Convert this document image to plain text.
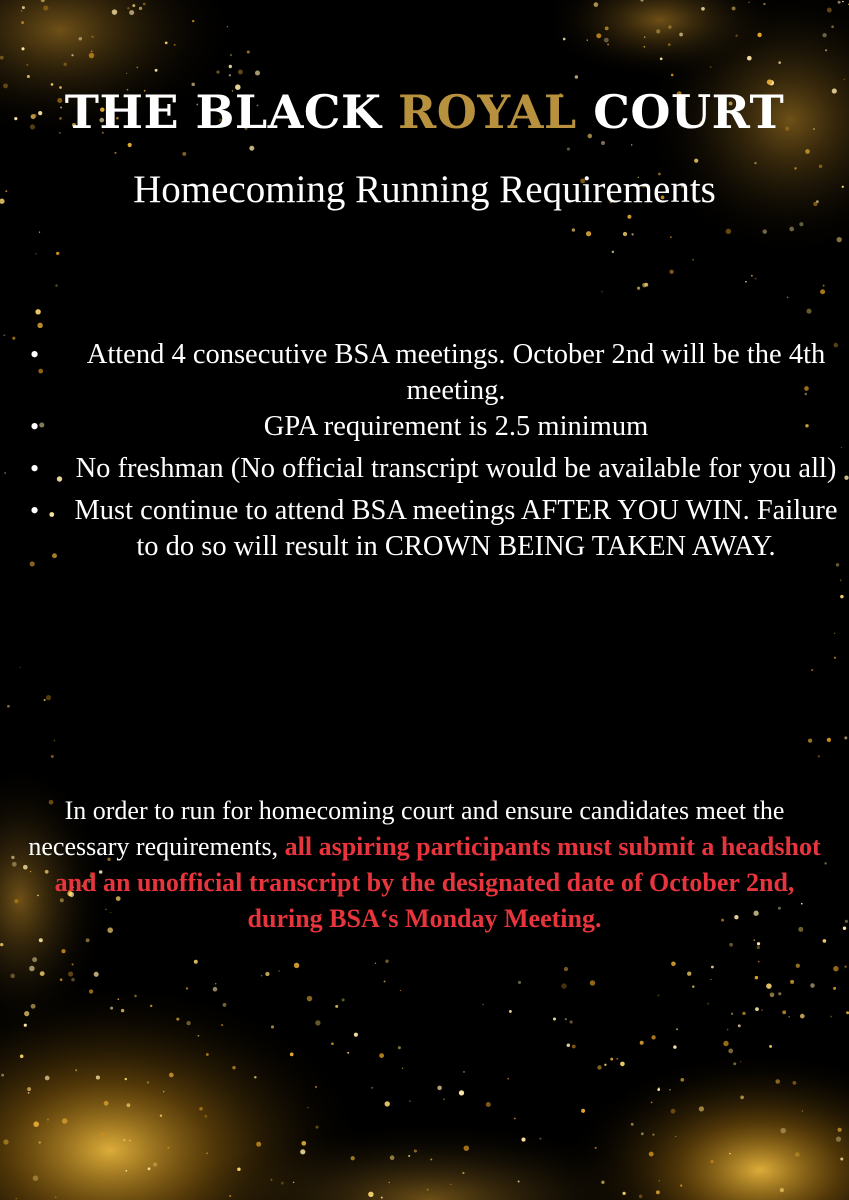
THE BLACK ROYAL COURT
Homecoming Running Requirements
•	Attend 4 consecutive BSA meetings. October 2nd will be the 4th meeting.
•	GPA requirement is 2.5 minimum
• No freshman (No official transcript would be available for you all)
• Must continue to attend BSA meetings AFTER YOU WIN. Failure to do so will result in CROWN BEING TAKEN AWAY.
In order to run for homecoming court and ensure candidates meet the necessary requirements, all aspiring participants must submit a headshot and an unofficial transcript by the designated date of October 2nd, during BSA‘s Monday Meeting.
